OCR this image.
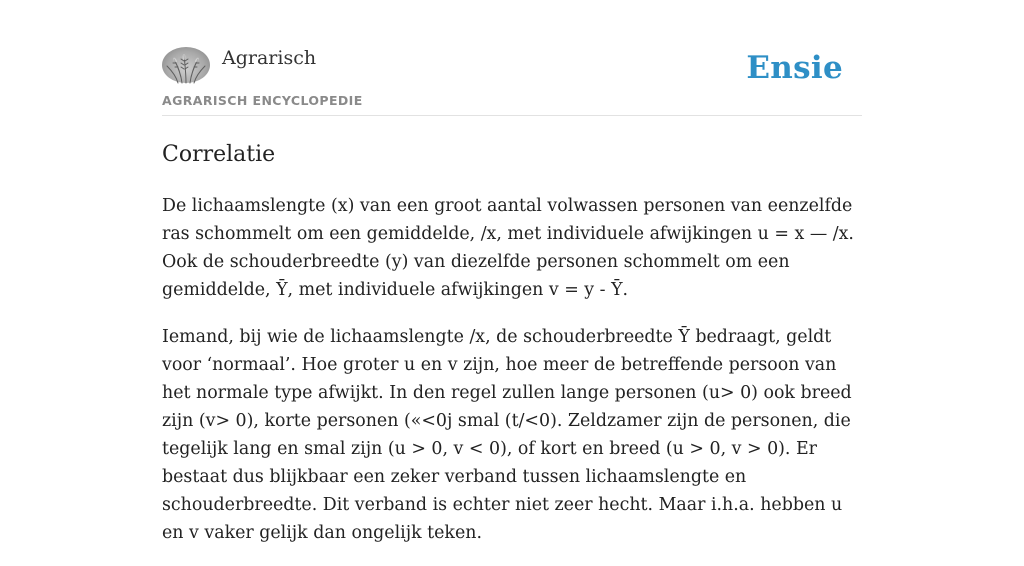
Agrarisch
AGRARISCH ENCYCLOPEDIE
Ensie
Correlatie

De lichaamslengte (x) van een groot aantal volwassen personen van eenzelfde ras schommelt om een gemiddelde, /x, met individuele afwijkingen u = x — /x. Ook de schouderbreedte (y) van diezelfde personen schommelt om een gemiddelde, Ȳ, met individuele afwijkingen v = y - Ȳ.

Iemand, bij wie de lichaamslengte /x, de schouderbreedte Ȳ bedraagt, geldt voor ‘normaal’. Hoe groter u en v zijn, hoe meer de betreffende persoon van het normale type afwijkt. In den regel zullen lange personen (u> 0) ook breed zijn (v> 0), korte personen («<0j smal (t/<0). Zeldzamer zijn de personen, die tegelijk lang en smal zijn (u > 0, v < 0), of kort en breed (u > 0, v > 0). Er bestaat dus blijkbaar een zeker verband tussen lichaamslengte en schouderbreedte. Dit verband is echter niet zeer hecht. Maar i.h.a. hebben u en v vaker gelijk dan ongelijk teken.
